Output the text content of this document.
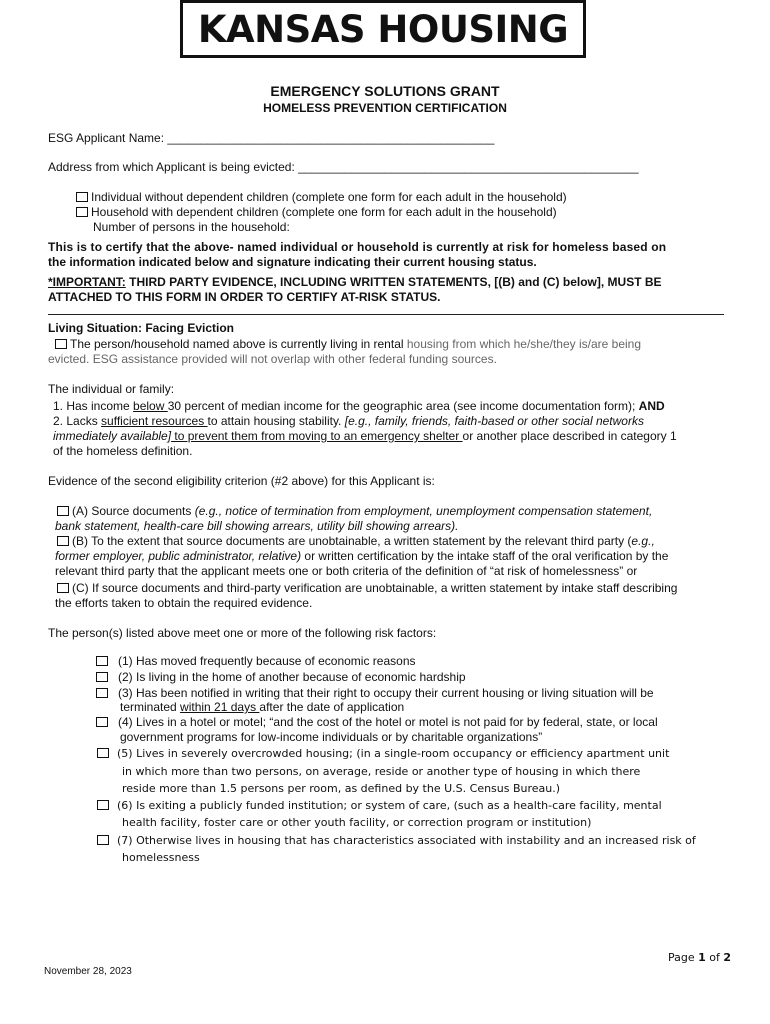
KANSAS HOUSING
EMERGENCY SOLUTIONS GRANT
HOMELESS PREVENTION CERTIFICATION
ESG Applicant Name: _________________________________________________
Address from which Applicant is being evicted: ___________________________________________________
Individual without dependent children (complete one form for each adult in the household)
Household with dependent children (complete one form for each adult in the household)
Number of persons in the household:
This is to certify that the above- named individual or household is currently at risk for homeless based on
the information indicated below and signature indicating their current housing status.
*IMPORTANT: THIRD PARTY EVIDENCE, INCLUDING WRITTEN STATEMENTS, [(B) and (C) below], MUST BE
ATTACHED TO THIS FORM IN ORDER TO CERTIFY AT-RISK STATUS.
Living Situation: Facing Eviction
The person/household named above is currently living in rental housing from which he/she/they is/are being
evicted. ESG assistance provided will not overlap with other federal funding sources.
The individual or family:
1. Has income below 30 percent of median income for the geographic area (see income documentation form); AND
2. Lacks sufficient resources to attain housing stability. [e.g., family, friends, faith-based or other social networks
immediately available] to prevent them from moving to an emergency shelter or another place described in category 1
of the homeless definition.
Evidence of the second eligibility criterion (#2 above) for this Applicant is:
(A) Source documents (e.g., notice of termination from employment, unemployment compensation statement,
bank statement, health-care bill showing arrears, utility bill showing arrears).
(B) To the extent that source documents are unobtainable, a written statement by the relevant third party (e.g.,
former employer, public administrator, relative) or written certification by the intake staff of the oral verification by the
relevant third party that the applicant meets one or both criteria of the definition of “at risk of homelessness” or
(C) If source documents and third-party verification are unobtainable, a written statement by intake staff describing
the efforts taken to obtain the required evidence.
The person(s) listed above meet one or more of the following risk factors:
(1) Has moved frequently because of economic reasons
(2) Is living in the home of another because of economic hardship
(3) Has been notified in writing that their right to occupy their current housing or living situation will be
terminated within 21 days after the date of application
(4) Lives in a hotel or motel; “and the cost of the hotel or motel is not paid for by federal, state, or local
government programs for low-income individuals or by charitable organizations”
(5) Lives in severely overcrowded housing; (in a single-room occupancy or efficiency apartment unit
in which more than two persons, on average, reside or another type of housing in which there
reside more than 1.5 persons per room, as defined by the U.S. Census Bureau.)
(6) Is exiting a publicly funded institution; or system of care, (such as a health-care facility, mental
health facility, foster care or other youth facility, or correction program or institution)
(7) Otherwise lives in housing that has characteristics associated with instability and an increased risk of
homelessness
Page 1 of 2
November 28, 2023
